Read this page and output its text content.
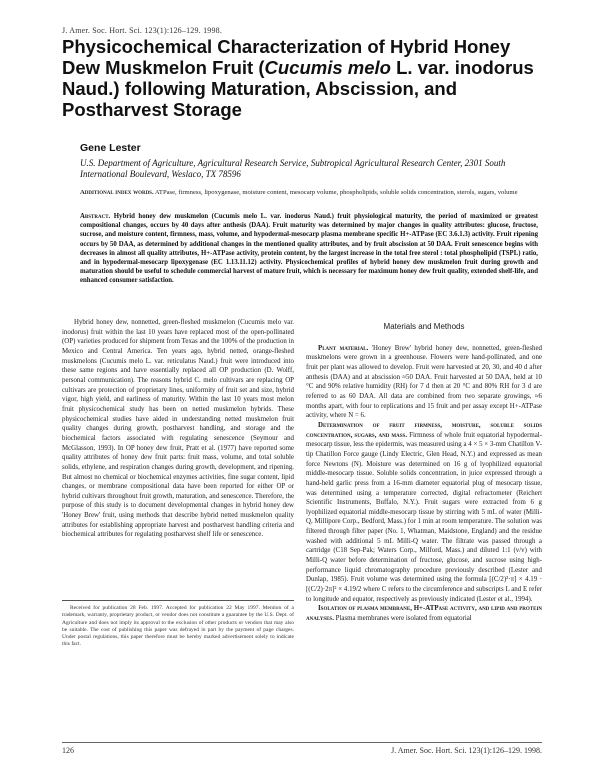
J. Amer. Soc. Hort. Sci. 123(1):126–129. 1998.
Physicochemical Characterization of Hybrid Honey Dew Muskmelon Fruit (Cucumis melo L. var. inodorus Naud.) following Maturation, Abscission, and Postharvest Storage
Gene Lester
U.S. Department of Agriculture, Agricultural Research Service, Subtropical Agricultural Research Center, 2301 South International Boulevard, Weslaco, TX 78596
Additional index words. ATPase, firmness, lipoxygenase, moisture content, mesocarp volume, phospholipids, soluble solids concentration, sterols, sugars, volume
Abstract. Hybrid honey dew muskmelon (Cucumis melo L. var. inodorus Naud.) fruit physiological maturity, the period of maximized or greatest compositional changes, occurs by 40 days after anthesis (DAA). Fruit maturity was determined by major changes in quality attributes: glucose, fructose, sucrose, and moisture content, firmness, mass, volume, and hypodermal-mesocarp plasma membrane specific H+-ATPase (EC 3.6.1.3) activity. Fruit ripening occurs by 50 DAA, as determined by additional changes in the mentioned quality attributes, and by fruit abscission at 50 DAA. Fruit senescence begins with decreases in almost all quality attributes, H+-ATPase activity, protein content, by the largest increase in the total free sterol : total phospholipid (TSPL) ratio, and in hypodermal-mesocarp lipoxygenase (EC 1.13.11.12) activity. Physicochemical profiles of hybrid honey dew muskmelon fruit during growth and maturation should be useful to schedule commercial harvest of mature fruit, which is necessary for maximum honey dew fruit quality, extended shelf-life, and enhanced consumer satisfaction.
Hybrid honey dew, nonnetted, green-fleshed muskmelon (Cucumis melo var. inodorus) fruit within the last 10 years have replaced most of the open-pollinated (OP) varieties produced for shipment from Texas and the 100% of the production in Mexico and Central America. Ten years ago, hybrid netted, orange-fleshed muskmelons (Cucumis melo L. var. reticulatus Naud.) fruit were introduced into these same regions and have essentially replaced all OP production (D. Wolff, personal communication). The reasons hybrid C. melo cultivars are replacing OP cultivars are protection of proprietary lines, uniformity of fruit set and size, hybrid vigor, high yield, and earliness of maturity. Within the last 10 years most melon fruit physicochemical study has been on netted muskmelon hybrids. These physicochemical studies have aided in understanding netted muskmelon fruit quality changes during growth, postharvest handling, and storage and the biochemical factors associated with regulating senescence (Seymour and McGlasson, 1993). In OP honey dew fruit, Pratt et al. (1977) have reported some quality attributes of honey dew fruit parts: fruit mass, volume, and total soluble solids, ethylene, and respiration changes during growth, development, and ripening. But almost no chemical or biochemical enzymes activities, fine sugar content, lipid changes, or membrane compositional data have been reported for either OP or hybrid cultivars throughout fruit growth, maturation, and senescence. Therefore, the purpose of this study is to document developmental changes in hybrid honey dew 'Honey Brew' fruit, using methods that describe hybrid netted muskmelon quality attributes for establishing appropriate harvest and postharvest handling criteria and biochemical attributes for regulating postharvest shelf life or senescence.
Received for publication 28 Feb. 1997. Accepted for publication 22 May 1997. Mention of a trademark, warranty, proprietary product, or vendor does not constitute a guarantee by the U.S. Dept. of Agriculture and does not imply its approval to the exclusion of other products or vendors that may also be suitable. The cost of publishing this paper was defrayed in part by the payment of page charges. Under postal regulations, this paper therefore must be hereby marked advertisement solely to indicate this fact.
Materials and Methods

Plant material. 'Honey Brew' hybrid honey dew, nonnetted, green-fleshed muskmelons were grown in a greenhouse. Flowers were hand-pollinated, and one fruit per plant was allowed to develop. Fruit were harvested at 20, 30, and 40 d after anthesis (DAA) and at abscission ≈50 DAA. Fruit harvested at 50 DAA, held at 10 °C and 90% relative humidity (RH) for 7 d then at 20 °C and 80% RH for 3 d are referred to as 60 DAA. All data are combined from two separate growings, ≈6 months apart, with four to replications and 15 fruit and per assay except H+-ATPase activity, where N = 6.

Determination of fruit firmness, moisture, soluble solids concentration, sugars, and mass. Firmness of whole fruit equatorial hypodermal-mesocarp tissue, less the epidermis, was measured using a 4 × 5 × 3-mm Chatillon V-tip Chatillon Force gauge (Lindy Electric, Glen Head, N.Y.) and expressed as mean force Newtons (N). Moisture was determined on 16 g of lyophilized equatorial middle-mesocarp tissue. Soluble solids concentration, in juice expressed through a hand-held garlic press from a 16-mm diameter equatorial plug of mesocarp tissue, was determined using a temperature corrected, digital refractometer (Reichert Scientific Instruments, Buffalo, N.Y.). Fruit sugars were extracted from 6 g lyophilized equatorial middle-mesocarp tissue by stirring with 5 mL of water (Milli-Q, Millipore Corp., Bedford, Mass.) for 1 min at room temperature. The solution was filtered through filter paper (No. 1, Whatman, Maidstone, England) and the residue washed with additional 5 mL Milli-Q water. The filtrate was passed through a cartridge (C18 Sep-Pak; Waters Corp., Milford, Mass.) and diluted 1:1 (v/v) with Milli-Q water before determination of fructose, glucose, and sucrose using high-performance liquid chromatography procedure previously described (Lester and Dunlap, 1985). Fruit volume was determined using the formula [(C/2)²·π] × 4.19 · [(C/2)·2π]² × 4.19/2 where C refers to the circumference and subscripts L and E refer to longitude and equator, respectively as previously indicated (Lester et al., 1994).

Isolation of plasma membrane, H+-ATPase activity, and lipid and protein analyses. Plasma membranes were isolated from equatorial

126	J. Amer. Soc. Hort. Sci. 123(1):126–129. 1998.
